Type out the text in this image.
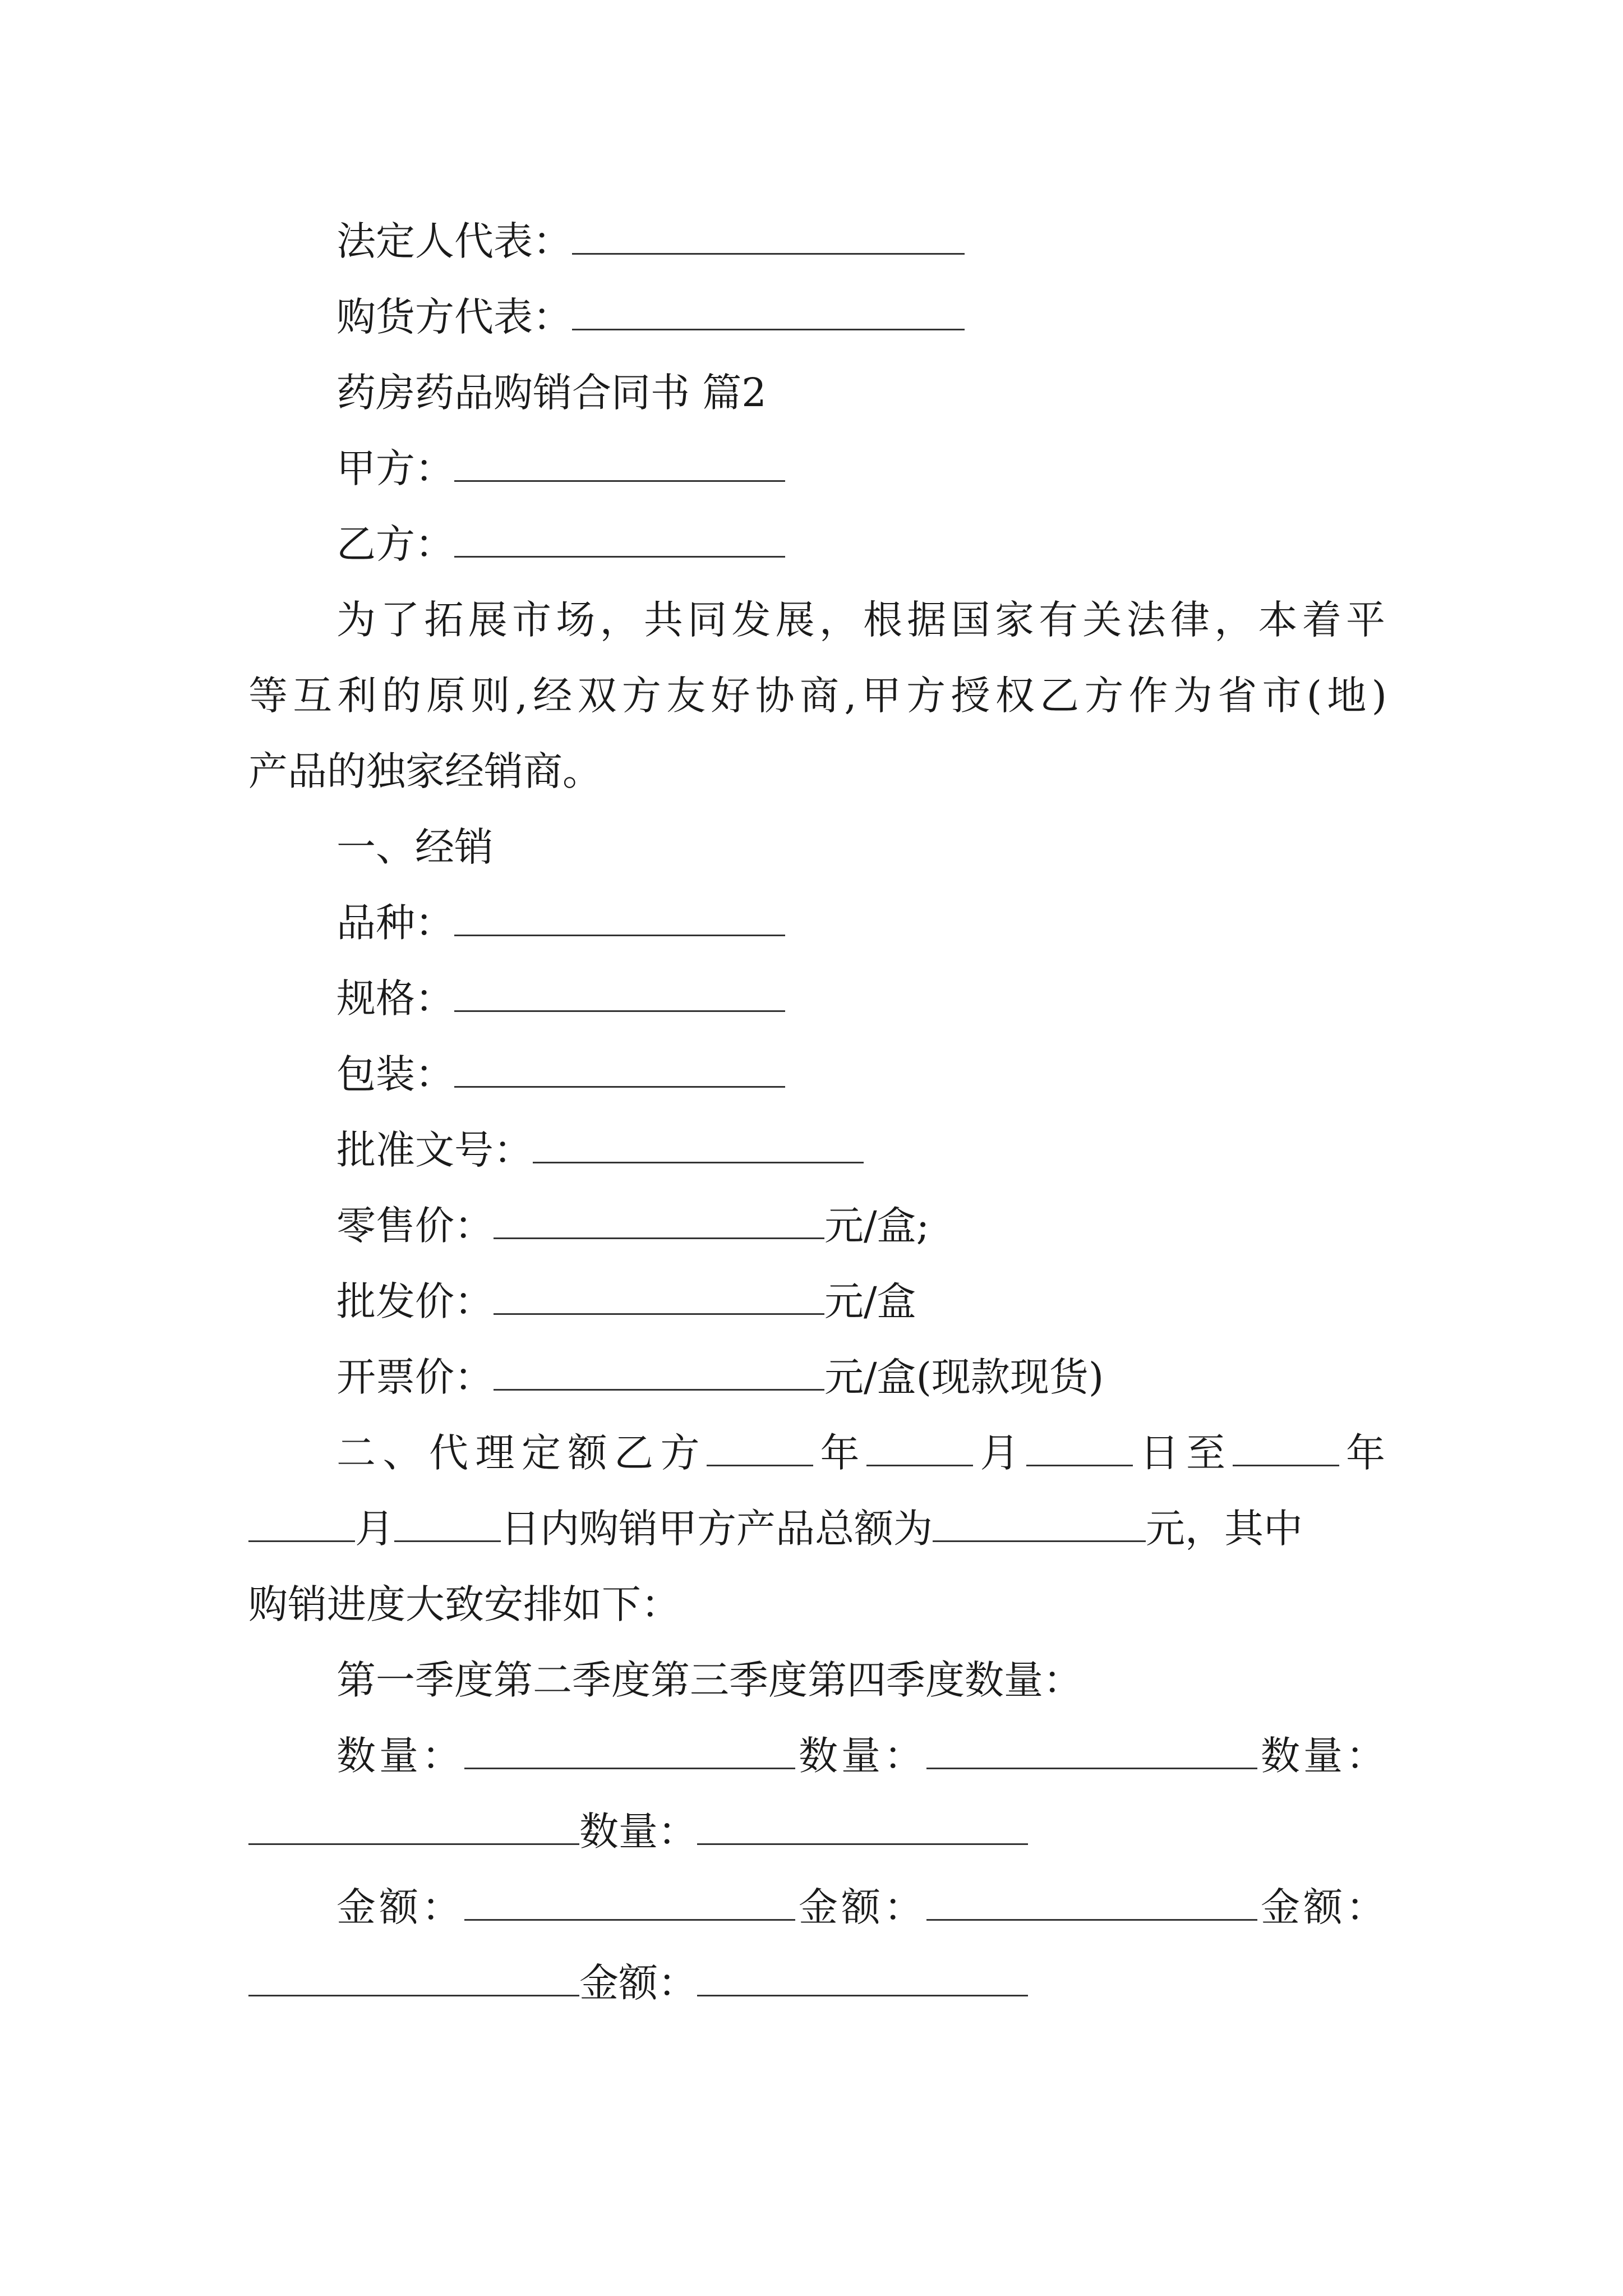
法定人代表：
购货方代表：
药房药品购销合同书 篇2
甲方：
乙方：
为了拓展市场，共同发展，根据国家有关法律，本着平
等互利的原则,经双方友好协商,甲方授权乙方作为省市(地)
产品的独家经销商。
一、经销
品种：
规格：
包装：
批准文号：
零售价：	元/盒;
批发价：	元/盒
开票价：	元/盒(现款现货)
二、代理定额乙方	年	月	日至	年
月	日内购销甲方产品总额为	元，其中
购销进度大致安排如下：
第一季度第二季度第三季度第四季度数量：
数量：	数量：	数量：
数量：
金额：	金额：	金额：
金额：
